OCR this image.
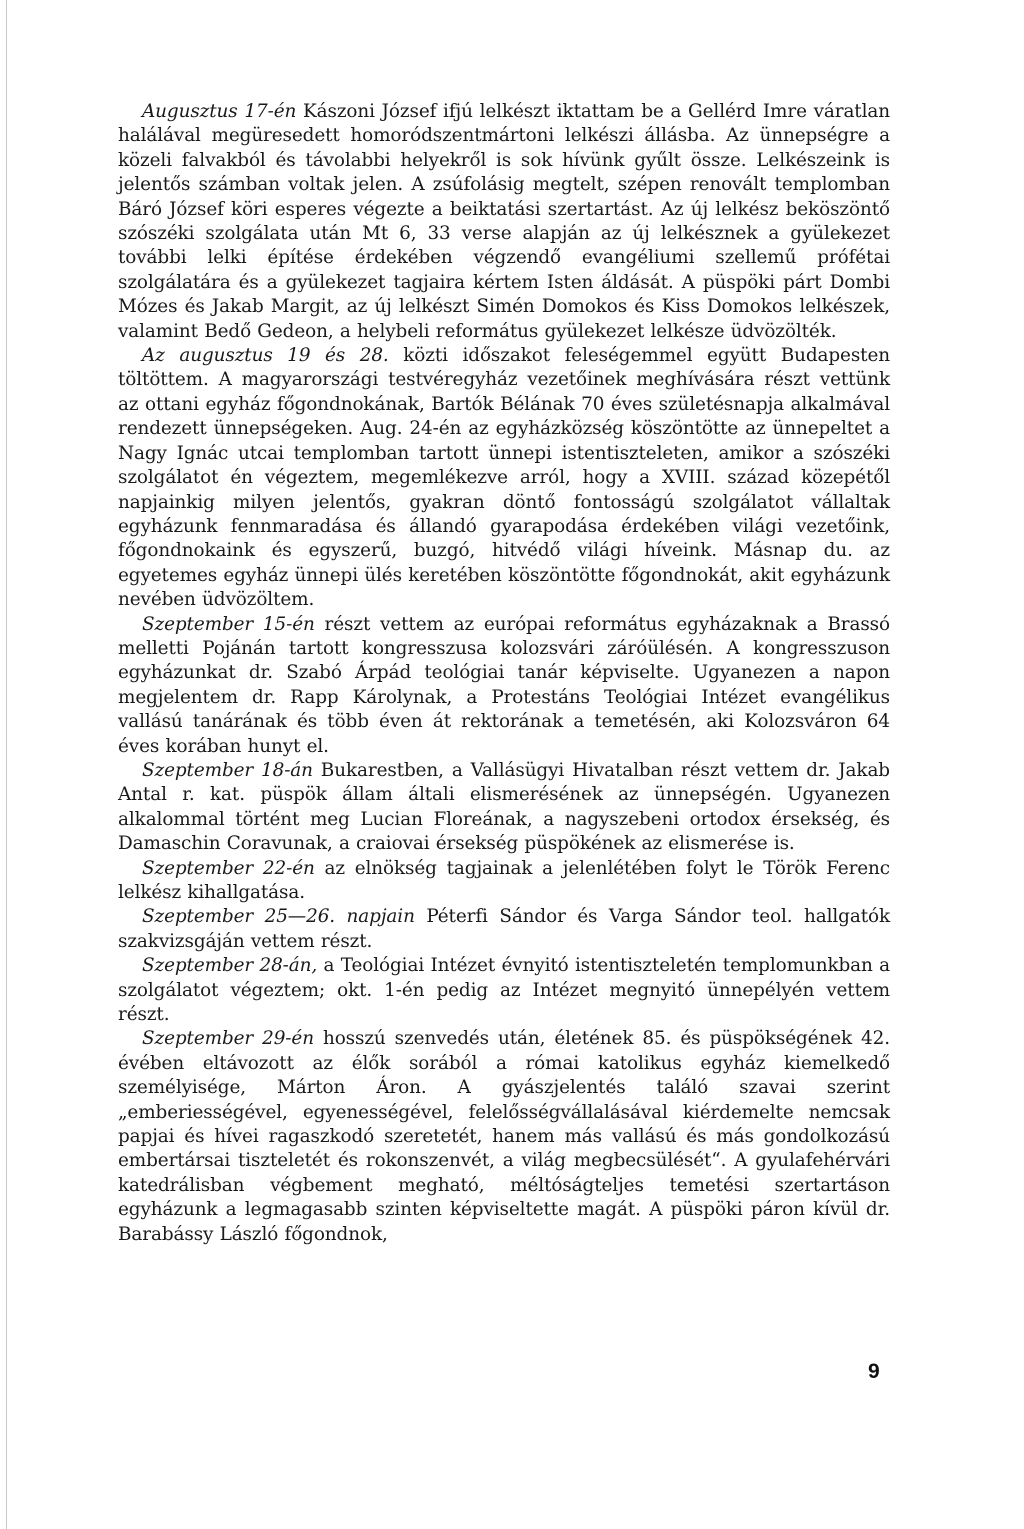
Augusztus 17-én Kászoni József ifjú lelkészt iktattam be a Gellérd Imre váratlan halálával megüresedett homoródszentmártoni lelkészi állásba. Az ünnepségre a közeli falvakból és távolabbi helyekről is sok hívünk gyűlt össze. Lelkészeink is jelentős számban voltak jelen. A zsúfolásig megtelt, szépen renovált templomban Báró József köri esperes végezte a beiktatási szertartást. Az új lelkész beköszöntő szószéki szolgálata után Mt 6, 33 verse alapján az új lelkésznek a gyülekezet további lelki építése érdekében végzendő evangéliumi szellemű prófétai szolgálatára és a gyülekezet tagjaira kértem Isten áldását. A püspöki párt Dombi Mózes és Jakab Margit, az új lelkészt Simén Domokos és Kiss Domokos lelkészek, valamint Bedő Gedeon, a helybeli református gyülekezet lelkésze üdvözölték.

Az augusztus 19 és 28. közti időszakot feleségemmel együtt Budapesten töltöttem. A magyarországi testvéregyház vezetőinek meghívására részt vettünk az ottani egyház főgondnokának, Bartók Bélának 70 éves születésnapja alkalmával rendezett ünnepségeken. Aug. 24-én az egyházközség köszöntötte az ünnepeltet a Nagy Ignác utcai templomban tartott ünnepi istentiszteleten, amikor a szószéki szolgálatot én végeztem, megemlékezve arról, hogy a XVIII. század közepétől napjainkig milyen jelentős, gyakran döntő fontosságú szolgálatot vállaltak egyházunk fennmaradása és állandó gyarapodása érdekében világi vezetőink, főgondnokaink és egyszerű, buzgó, hitvédő világi híveink. Másnap du. az egyetemes egyház ünnepi ülés keretében köszöntötte főgondnokát, akit egyházunk nevében üdvözöltem.

Szeptember 15-én részt vettem az európai református egyházaknak a Brassó melletti Pojánán tartott kongresszusa kolozsvári záróülésén. A kongresszuson egyházunkat dr. Szabó Árpád teológiai tanár képviselte. Ugyanezen a napon megjelentem dr. Rapp Károlynak, a Protestáns Teológiai Intézet evangélikus vallású tanárának és több éven át rektorának a temetésén, aki Kolozsváron 64 éves korában hunyt el.

Szeptember 18-án Bukarestben, a Vallásügyi Hivatalban részt vettem dr. Jakab Antal r. kat. püspök állam általi elismerésének az ünnepségén. Ugyanezen alkalommal történt meg Lucian Floreának, a nagyszebeni ortodox érsekség, és Damaschin Coravunak, a craiovai érsekség püspökének az elismerése is.

Szeptember 22-én az elnökség tagjainak a jelenlétében folyt le Török Ferenc lelkész kihallgatása.

Szeptember 25—26. napjain Péterfi Sándor és Varga Sándor teol. hallgatók szakvizsgáján vettem részt.

Szeptember 28-án, a Teológiai Intézet évnyitó istentiszteletén templomunkban a szolgálatot végeztem; okt. 1-én pedig az Intézet megnyitó ünnepélyén vettem részt.

Szeptember 29-én hosszú szenvedés után, életének 85. és püspökségének 42. évében eltávozott az élők sorából a római katolikus egyház kiemelkedő személyisége, Márton Áron. A gyászjelentés találó szavai szerint „emberiességével, egyenességével, felelősségvállalásával kiérdemelte nemcsak papjai és hívei ragaszkodó szeretetét, hanem más vallású és más gondolkozású embertársai tiszteletét és rokonszenvét, a világ megbecsülését“. A gyulafehérvári katedrálisban végbement megható, méltóságteljes temetési szertartáson egyházunk a legmagasabb szinten képviseltette magát. A püspöki páron kívül dr. Barabássy László főgondnok,

9
